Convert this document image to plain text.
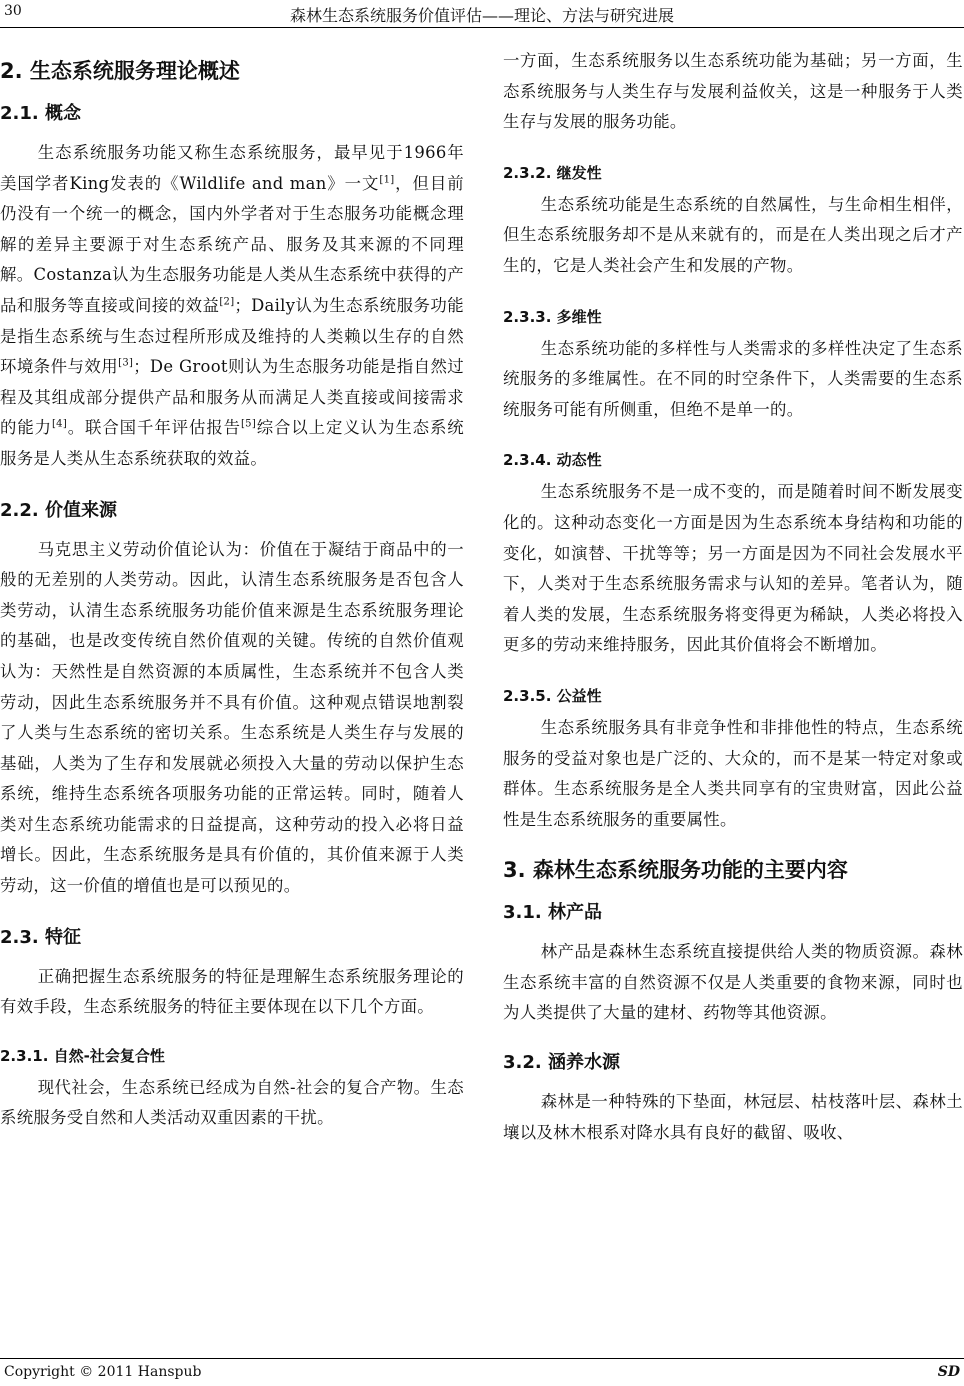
30	森林生态系统服务价值评估——理论、方法与研究进展
2. 生态系统服务理论概述
2.1. 概念

生态系统服务功能又称生态系统服务，最早见于1966年美国学者King发表的《Wildlife and man》一文[1]，但目前仍没有一个统一的概念，国内外学者对于生态服务功能概念理解的差异主要源于对生态系统产品、服务及其来源的不同理解。Costanza认为生态服务功能是人类从生态系统中获得的产品和服务等直接或间接的效益[2]；Daily认为生态系统服务功能是指生态系统与生态过程所形成及维持的人类赖以生存的自然环境条件与效用[3]；De Groot则认为生态服务功能是指自然过程及其组成部分提供产品和服务从而满足人类直接或间接需求的能力[4]。联合国千年评估报告[5]综合以上定义认为生态系统服务是人类从生态系统获取的效益。

2.2. 价值来源

马克思主义劳动价值论认为：价值在于凝结于商品中的一般的无差别的人类劳动。因此，认清生态系统服务是否包含人类劳动，认清生态系统服务功能价值来源是生态系统服务理论的基础，也是改变传统自然价值观的关键。传统的自然价值观认为：天然性是自然资源的本质属性，生态系统并不包含人类劳动，因此生态系统服务并不具有价值。这种观点错误地割裂了人类与生态系统的密切关系。生态系统是人类生存与发展的基础，人类为了生存和发展就必须投入大量的劳动以保护生态系统，维持生态系统各项服务功能的正常运转。同时，随着人类对生态系统功能需求的日益提高，这种劳动的投入必将日益增长。因此，生态系统服务是具有价值的，其价值来源于人类劳动，这一价值的增值也是可以预见的。

2.3. 特征

正确把握生态系统服务的特征是理解生态系统服务理论的有效手段，生态系统服务的特征主要体现在以下几个方面。

2.3.1. 自然-社会复合性

现代社会，生态系统已经成为自然-社会的复合产物。生态系统服务受自然和人类活动双重因素的干扰。

一方面，生态系统服务以生态系统功能为基础；另一方面，生态系统服务与人类生存与发展利益攸关，这是一种服务于人类生存与发展的服务功能。

2.3.2. 继发性

生态系统功能是生态系统的自然属性，与生命相生相伴，但生态系统服务却不是从来就有的，而是在人类出现之后才产生的，它是人类社会产生和发展的产物。

2.3.3. 多维性

生态系统功能的多样性与人类需求的多样性决定了生态系统服务的多维属性。在不同的时空条件下，人类需要的生态系统服务可能有所侧重，但绝不是单一的。

2.3.4. 动态性

生态系统服务不是一成不变的，而是随着时间不断发展变化的。这种动态变化一方面是因为生态系统本身结构和功能的变化，如演替、干扰等等；另一方面是因为不同社会发展水平下，人类对于生态系统服务需求与认知的差异。笔者认为，随着人类的发展，生态系统服务将变得更为稀缺，人类必将投入更多的劳动来维持服务，因此其价值将会不断增加。

2.3.5. 公益性

生态系统服务具有非竞争性和非排他性的特点，生态系统服务的受益对象也是广泛的、大众的，而不是某一特定对象或群体。生态系统服务是全人类共同享有的宝贵财富，因此公益性是生态系统服务的重要属性。

3. 森林生态系统服务功能的主要内容
3.1. 林产品

林产品是森林生态系统直接提供给人类的物质资源。森林生态系统丰富的自然资源不仅是人类重要的食物来源，同时也为人类提供了大量的建材、药物等其他资源。

3.2. 涵养水源

森林是一种特殊的下垫面，林冠层、枯枝落叶层、森林土壤以及林木根系对降水具有良好的截留、吸收、

Copyright © 2011 Hanspub	SD
